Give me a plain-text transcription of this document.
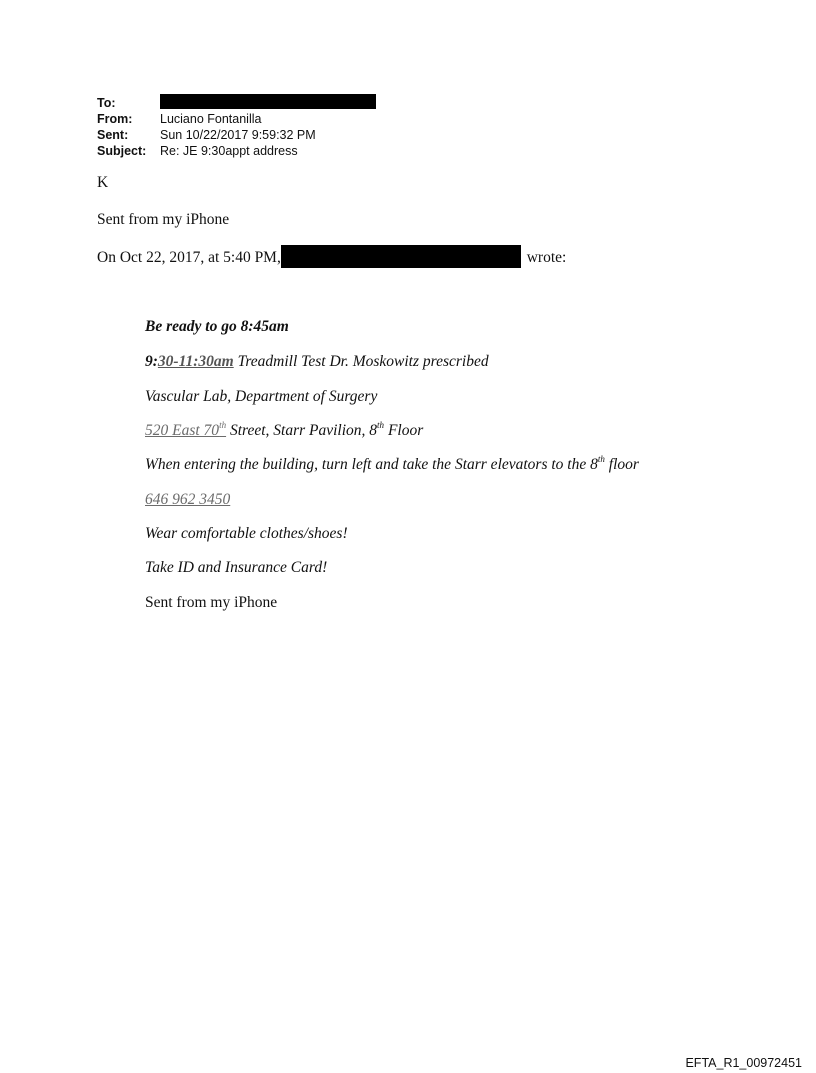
To:
From:	Luciano Fontanilla
Sent:	Sun 10/22/2017 9:59:32 PM
Subject:	Re: JE 9:30appt address
K
Sent from my iPhone
On Oct 22, 2017, at 5:40 PM,	wrote:
Be ready to go 8:45am
9:30-11:30am Treadmill Test Dr. Moskowitz prescribed
Vascular Lab, Department of Surgery
520 East 70th Street, Starr Pavilion, 8th Floor
When entering the building, turn left and take the Starr elevators to the 8th floor
646 962 3450
Wear comfortable clothes/shoes!
Take ID and Insurance Card!
Sent from my iPhone
EFTA_R1_00972451
